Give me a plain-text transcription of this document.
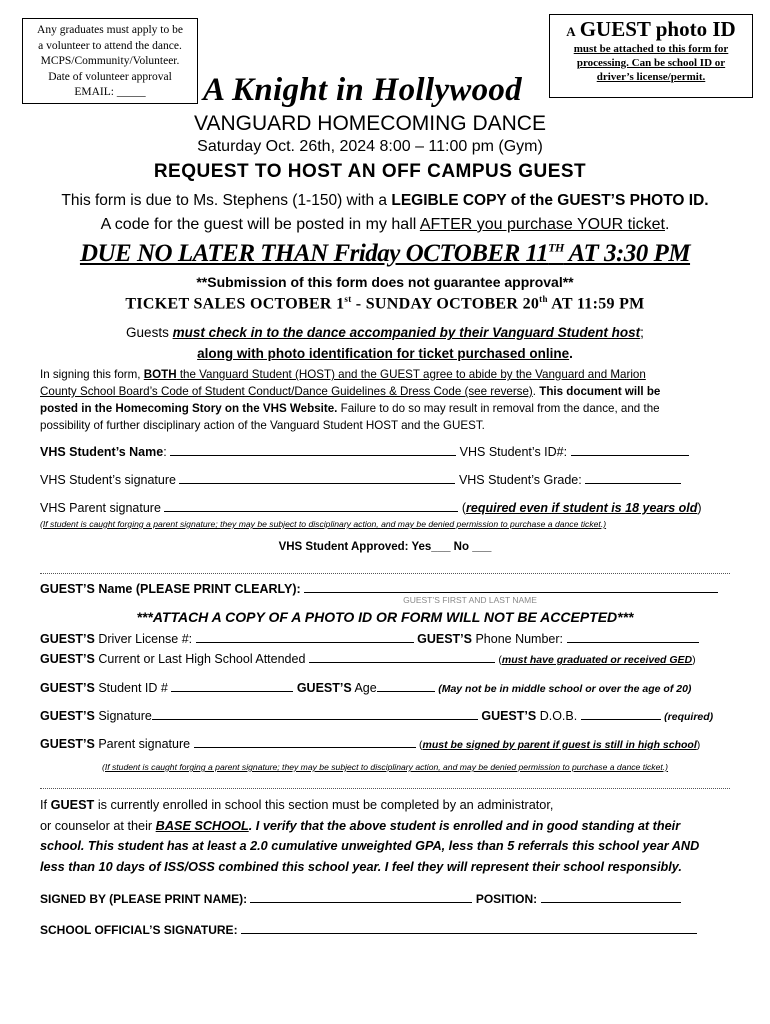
Any graduates must apply to be
a volunteer to attend the dance.
MCPS/Community/Volunteer.
Date of volunteer approval
EMAIL: _____
A GUEST photo ID
must be attached to this form for
processing. Can be school ID or
driver’s license/permit.
A Knight in Hollywood
VANGUARD HOMECOMING DANCE
Saturday Oct. 26th, 2024 8:00 – 11:00 pm (Gym)
REQUEST TO HOST AN OFF CAMPUS GUEST
This form is due to Ms. Stephens (1-150) with a LEGIBLE COPY of the GUEST’S PHOTO ID.
A code for the guest will be posted in my hall AFTER you purchase YOUR ticket.
DUE NO LATER THAN Friday OCTOBER 11TH AT 3:30 PM
**Submission of this form does not guarantee approval**
TICKET SALES OCTOBER 1st - SUNDAY OCTOBER 20th AT 11:59 PM
Guests must check in to the dance accompanied by their Vanguard Student host;
along with photo identification for ticket purchased online.
In signing this form, BOTH the Vanguard Student (HOST) and the GUEST agree to abide by the Vanguard and Marion
County School Board’s Code of Student Conduct/Dance Guidelines & Dress Code (see reverse). This document will be
posted in the Homecoming Story on the VHS Website. Failure to do so may result in removal from the dance, and the
possibility of further disciplinary action of the Vanguard Student HOST and the GUEST.
VHS Student’s Name:	VHS Student’s ID#:
VHS Student’s signature	VHS Student’s Grade:
VHS Parent signature	(required even if student is 18 years old)
(If student is caught forging a parent signature; they may be subject to disciplinary action, and may be denied permission to purchase a dance ticket.)
VHS Student Approved: Yes___ No ___
GUEST’S Name (PLEASE PRINT CLEARLY):
GUEST’S FIRST AND LAST NAME
***ATTACH A COPY OF A PHOTO ID OR FORM WILL NOT BE ACCEPTED***
GUEST’S Driver License #:	GUEST’S Phone Number:
GUEST’S Current or Last High School Attended	(must have graduated or received GED)
GUEST’S Student ID #	GUEST’S Age	(May not be in middle school or over the age of 20)
GUEST’S Signature	GUEST’S D.O.B.	(required)
GUEST’S Parent signature	(must be signed by parent if guest is still in high school)
(If student is caught forging a parent signature; they may be subject to disciplinary action, and may be denied permission to purchase a dance ticket.)
If GUEST is currently enrolled in school this section must be completed by an administrator,
or counselor at their BASE SCHOOL. I verify that the above student is enrolled and in good standing at their
school. This student has at least a 2.0 cumulative unweighted GPA, less than 5 referrals this school year AND
less than 10 days of ISS/OSS combined this school year. I feel they will represent their school responsibly.
SIGNED BY (PLEASE PRINT NAME):	POSITION:
SCHOOL OFFICIAL’S SIGNATURE:
